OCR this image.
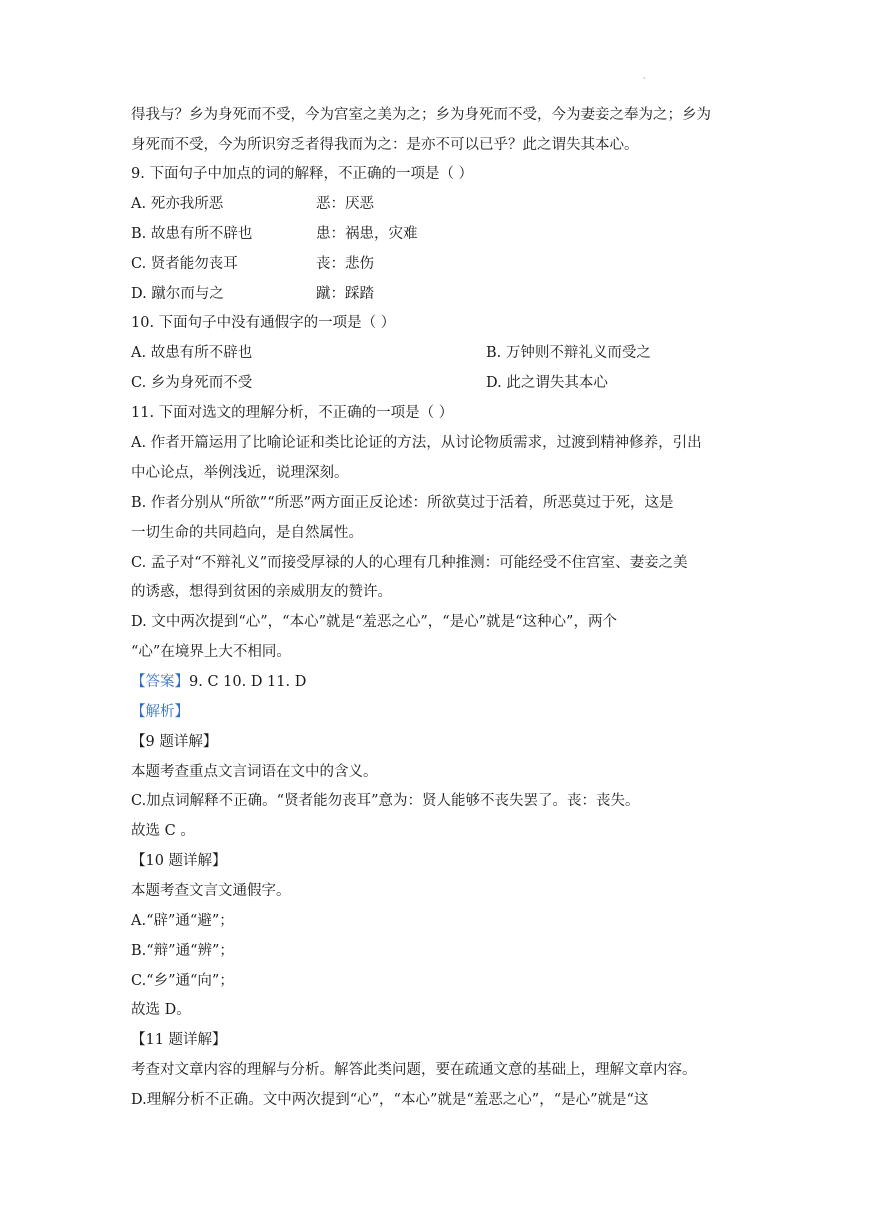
·
得我与？乡为身死而不受，今为宫室之美为之；乡为身死而不受，今为妻妾之奉为之；乡为
身死而不受，今为所识穷乏者得我而为之：是亦不可以已乎？此之谓失其本心。
9. 下面句子中加点的词的解释，不正确的一项是（ ）
A. 死亦我所恶	恶：厌恶
B. 故患有所不辟也	患：祸患，灾难
C. 贤者能勿丧耳	丧：悲伤
D. 蹴尔而与之	蹴：踩踏
10. 下面句子中没有通假字的一项是（ ）
A. 故患有所不辟也	B. 万钟则不辩礼义而受之
C. 乡为身死而不受	D. 此之谓失其本心
11. 下面对选文的理解分析，不正确的一项是（ ）
A. 作者开篇运用了比喻论证和类比论证的方法，从讨论物质需求，过渡到精神修养，引出
中心论点，举例浅近，说理深刻。
B. 作者分别从“所欲”“所恶”两方面正反论述：所欲莫过于活着，所恶莫过于死，这是
一切生命的共同趋向，是自然属性。
C. 孟子对“不辩礼义”而接受厚禄的人的心理有几种推测：可能经受不住宫室、妻妾之美
的诱惑，想得到贫困的亲威朋友的赞许。
D. 文中两次提到“心”，“本心”就是“羞恶之心”，“是心”就是“这种心”，两个
“心”在境界上大不相同。
【答案】9. C 10. D 11. D
【解析】
【9 题详解】
本题考查重点文言词语在文中的含义。
C.加点词解释不正确。“贤者能勿丧耳”意为：贤人能够不丧失罢了。丧：丧失。
故选 C 。
【10 题详解】
本题考查文言文通假字。
A.“辟”通“避”；
B.“辩”通“辨”；
C.“乡”通“向”；
故选 D。
【11 题详解】
考查对文章内容的理解与分析。解答此类问题，要在疏通文意的基础上，理解文章内容。
D.理解分析不正确。文中两次提到“心”，“本心”就是“羞恶之心”，“是心”就是“这
